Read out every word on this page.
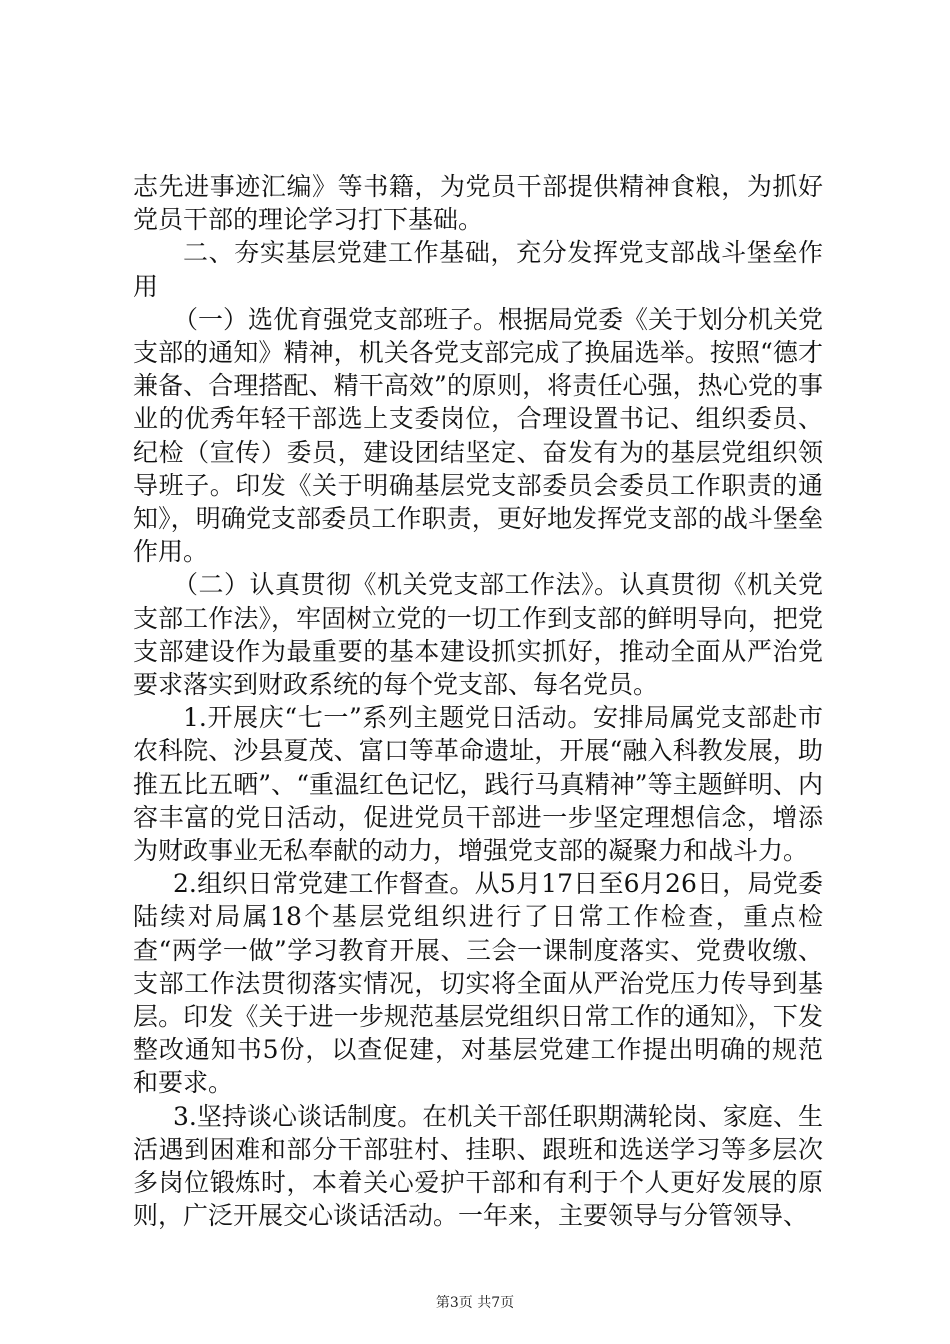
志先进事迹汇编》等书籍，为党员干部提供精神食粮，为抓好党员干部的理论学习打下基础。

二、夯实基层党建工作基础，充分发挥党支部战斗堡垒作用

（一）选优育强党支部班子。根据局党委《关于划分机关党支部的通知》精神，机关各党支部完成了换届选举。按照“德才兼备、合理搭配、精干高效”的原则，将责任心强，热心党的事业的优秀年轻干部选上支委岗位，合理设置书记、组织委员、纪检（宣传）委员，建设团结坚定、奋发有为的基层党组织领导班子。印发《关于明确基层党支部委员会委员工作职责的通知》，明确党支部委员工作职责，更好地发挥党支部的战斗堡垒作用。

（二）认真贯彻《机关党支部工作法》。认真贯彻《机关党支部工作法》，牢固树立党的一切工作到支部的鲜明导向，把党支部建设作为最重要的基本建设抓实抓好，推动全面从严治党要求落实到财政系统的每个党支部、每名党员。

1.开展庆“七一”系列主题党日活动。安排局属党支部赴市农科院、沙县夏茂、富口等革命遗址，开展“融入科教发展，助推五比五晒”、“重温红色记忆，践行马真精神”等主题鲜明、内容丰富的党日活动，促进党员干部进一步坚定理想信念，增添为财政事业无私奉献的动力，增强党支部的凝聚力和战斗力。

2.组织日常党建工作督查。从5月17日至6月26日，局党委陆续对局属18个基层党组织进行了日常工作检查，重点检查“两学一做”学习教育开展、三会一课制度落实、党费收缴、支部工作法贯彻落实情况，切实将全面从严治党压力传导到基层。印发《关于进一步规范基层党组织日常工作的通知》，下发整改通知书5份，以查促建，对基层党建工作提出明确的规范和要求。

3.坚持谈心谈话制度。在机关干部任职期满轮岗、家庭、生活遇到困难和部分干部驻村、挂职、跟班和选送学习等多层次多岗位锻炼时，本着关心爱护干部和有利于个人更好发展的原则，广泛开展交心谈话活动。一年来，主要领导与分管领导、

第3页 共7页
